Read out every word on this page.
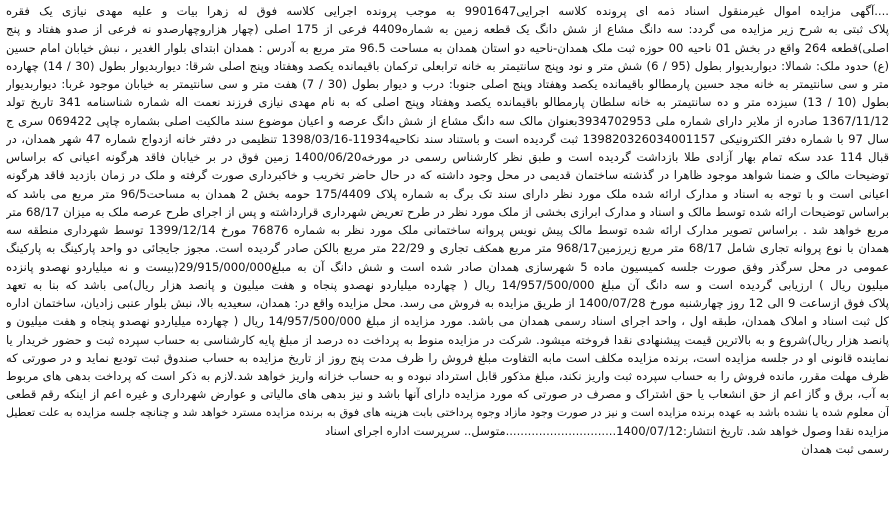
....آگهی مزایده اموال غیرمنقول اسناد ذمه ای پرونده کلاسه اجرایی9901647 به موجب پرونده اجرایی کلاسه فوق له زهرا بیات و علیه مهدی نیازی یک فقره
پلاک ثبتی به شرح زیر مزایده می گردد: سه دانگ مشاع از شش دانگ یک قطعه زمین به شماره4409 فرعی از 175 اصلی (چهار هزاروچهارصدو نه فرعی از صدو هفتاد و پنج
اصلی)قطعه 264 واقع در بخش 01 ناحیه 00 حوزه ثبت ملک همدان-ناحیه دو استان همدان به مساحت 96.5 متر مربع به آدرس : همدان ابتدای بلوار الغدیر ، نبش خیابان امام حسین
(ع) حدود ملک: شمالا: دیواربدیوار بطول (95 / 6) شش متر و نود وپنج سانتیمتر به خانه ترابعلی ترکمان باقیمانده یکصد وهفتاد وپنج اصلی شرقا: دیواربدیوار بطول (30 / 14) چهارده
متر و سی سانتیمتر به خانه مجد حسین پارمطالو باقیمانده یکصد وهفتاد وپنج اصلی جنوبا: درب و دیوار بطول (30 / 7) هفت متر و سی سانتیمتر به خیابان موجود غربا: دیواربدیوار
بطول (10 / 13) سیزده متر و ده سانتیمتر به خانه سلطان پارمطالو باقیمانده یکصد وهفتاد وپنج اصلی که به نام مهدی نیازی فرزند نعمت اله شماره شناسنامه 341 تاریخ تولد
1367/11/12 صادره از ملایر دارای شماره ملی 3934702953بعنوان مالک سه دانگ مشاع از شش دانگ عرصه و اعیان موضوع سند مالکیت اصلی بشماره چاپی 069422 سری ج
سال 97 با شماره دفتر الکترونیکی 139820326034001157 ثبت گردیده است و باستناد سند نکاحیه11934-1398/03/16 تنظیمی در دفتر خانه ازدواج شماره 47 شهر همدان، در
قبال 114 عدد سکه تمام بهار آزادی طلا بازداشت گردیده است و طبق نظر کارشناس رسمی در مورخه1400/06/20 زمین فوق در بر خیابان فاقد هرگونه اعیانی که براساس
توضیحات مالک و ضمنا شواهد موجود ظاهرا در گذشته ساختمان قدیمی در محل وجود داشته که در حال حاضر تخریب و خاکبرداری صورت گرفته و ملک در زمان بازدید فاقد هرگونه
اعیانی است و با توجه به اسناد و مدارک ارائه شده ملک مورد نظر دارای سند تک برگ به شماره پلاک 175/4409 حومه بخش 2 همدان به مساحت96/5 متر مربع می باشد که
براساس توضیحات ارائه شده توسط مالک و اسناد و مدارک ابرازی بخشی از ملک مورد نظر در طرح تعریض شهرداری قرارداشته و پس از اجرای طرح عرصه ملک به میزان 68/17 متر
مربع خواهد شد . براساس تصویر مدارک ارائه شده توسط مالک پیش نویس پروانه ساختمانی ملک مورد نظر به شماره 76876 مورخ 1399/12/14 توسط شهرداری منطقه سه
همدان با نوع پروانه تجاری شامل 68/17 متر مربع زیرزمین968/17 متر مربع همکف تجاری و 22/29 متر مربع بالکن صادر گردیده است. مجوز جایجائی دو واحد پارکینگ به پارکینگ
عمومی در محل سرگذر وفق صورت جلسه کمیسیون ماده 5 شهرسازی همدان صادر شده است و شش دانگ آن به مبلغ29/915/000/000(بیست و نه میلیاردو نهصدو پانزده
میلیون ریال ) ارزیابی گردیده است و سه دانگ آن مبلغ 14/957/500/000 ریال ( چهارده میلیاردو نهصدو پنجاه و هفت میلیون و پانصد هزار ریال)می باشد که بنا به تعهد
پلاک فوق ازساعت 9 الی 12 روز چهارشنبه مورخ 1400/07/28 از طریق مزایده به فروش می رسد. محل مزایده واقع در: همدان، سعیدیه بالا، نبش بلوار عنبی زادیان، ساختمان اداره
کل ثبت اسناد و املاک همدان، طبقه اول ، واحد اجرای اسناد رسمی همدان می باشد. مورد مزایده از مبلغ 14/957/500/000 ریال ( چهارده میلیاردو نهصدو پنجاه و هفت میلیون و
پانصد هزار ریال)شروع و به بالاترین قیمت پیشنهادی نقدا فروخته میشود. شرکت در مزایده منوط به پرداخت ده درصد از مبلغ پایه کارشناسی به حساب سپرده ثبت و حضور خریدار یا
نماینده قانونی او در جلسه مزایده است، برنده مزایده مکلف است مابه التفاوت مبلغ فروش را ظرف مدت پنج روز از تاریخ مزایده به حساب صندوق ثبت تودیع نماید و در صورتی که
ظرف مهلت مقرر، مانده فروش را به حساب سپرده ثبت واریز نکند، مبلغ مذکور قابل استرداد نبوده و به حساب خزانه واریز خواهد شد.لازم به ذکر است که پرداخت بدهی های مربوط
به آب، برق و گاز اعم از حق انشعاب یا حق اشتراک و مصرف در صورتی که مورد مزایده دارای آنها باشد و نیز بدهی های مالیاتی و عوارض شهرداری و غیره اعم از اینکه رقم قطعی
آن معلوم شده یا نشده باشد به عهده برنده مزایده است و نیز در صورت وجود مازاد وجوه پرداختی بابت هزینه های فوق به برنده مزایده مسترد خواهد شد و چنانچه جلسه مزایده به علت تعطیل
مزایده نقدا وصول خواهد شد. تاریخ انتشار:1400/07/12..............................متوسل.. سرپرست اداره اجرای اسناد
رسمی ثبت همدان
